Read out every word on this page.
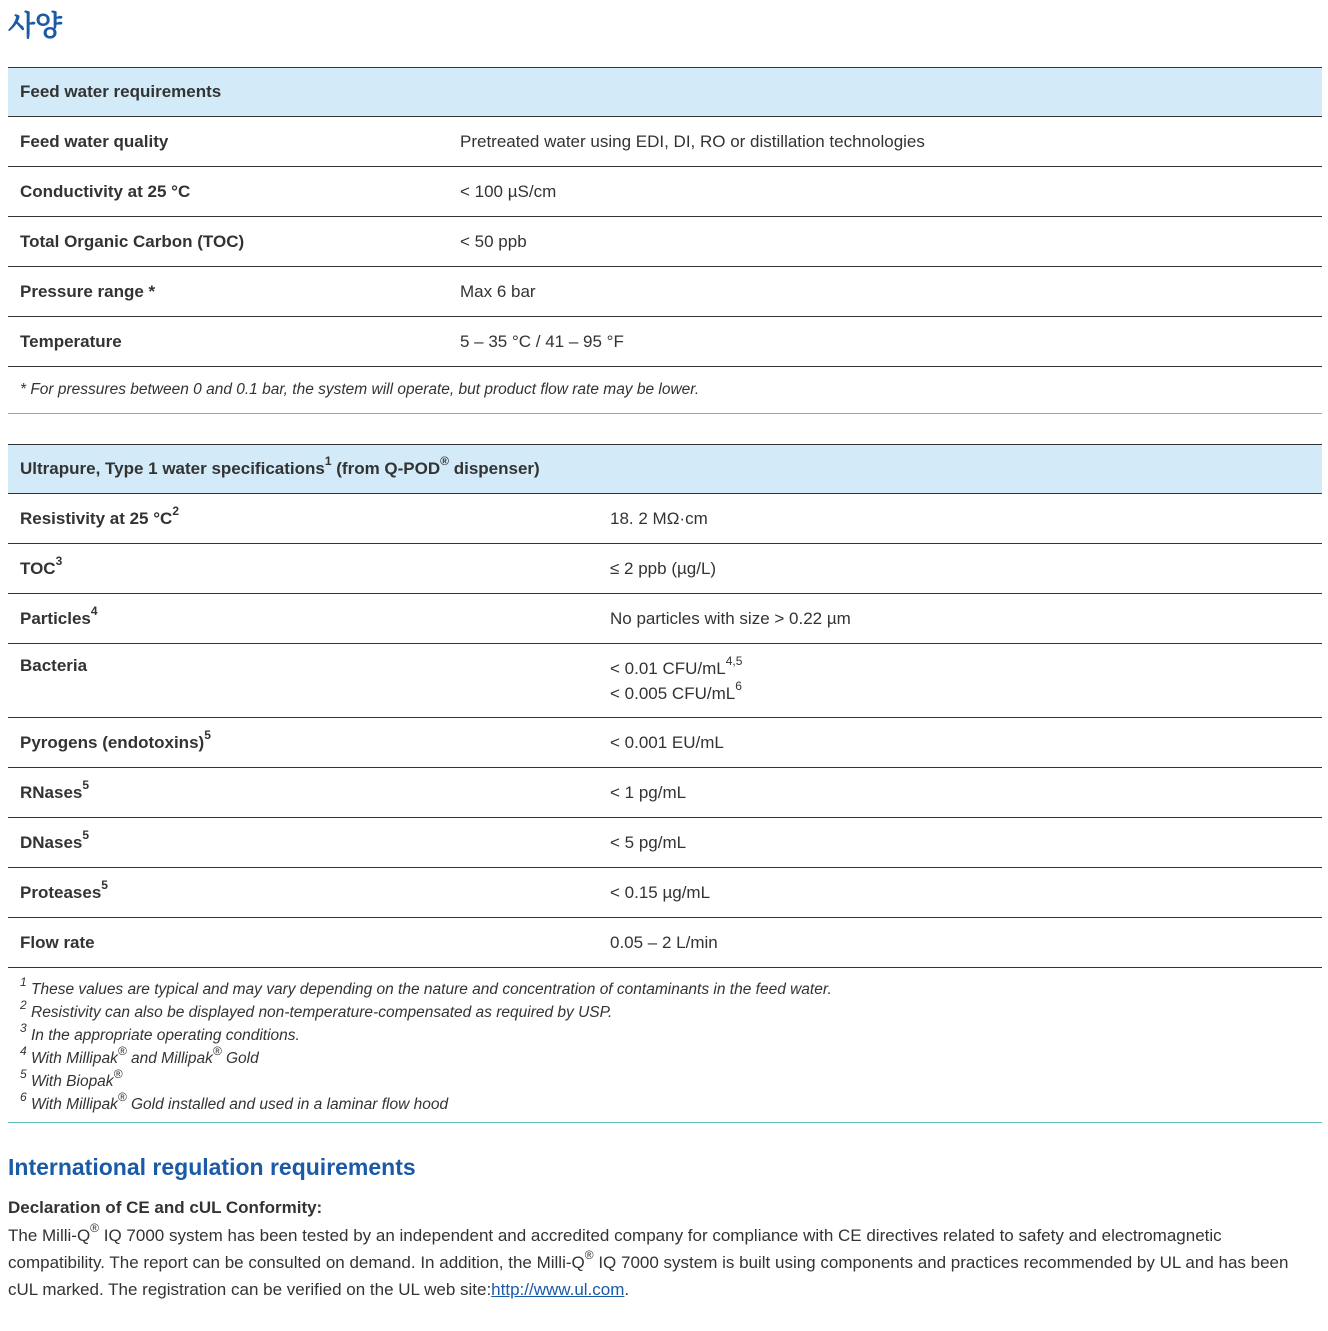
사양
Feed water requirements	
Feed water quality	Pretreated water using EDI, DI, RO or distillation technologies
Conductivity at 25 °C	< 100 µS/cm
Total Organic Carbon (TOC)	< 50 ppb
Pressure range *	Max 6 bar
Temperature	5 – 35 °C / 41 – 95 °F
* For pressures between 0 and 0.1 bar, the system will operate, but product flow rate may be lower.
Ultrapure, Type 1 water specifications$^1$ (from Q-POD® dispenser)	
Resistivity at 25 $^\circ C^2$	18. 2 MΩ·cm

$TOC^3$	≤ 2 ppb (µg/L)

Particles$^4$	No particles with size > 0.22 µm

Bacteria	< 0.01 CFU/mL$^{4,5}$
< 0.005 CFU/$mL^6$

Pyrogens (endotoxins)$^5$	< 0.001 EU/mL

RNases$^5$	< 1 pg/mL

DNases$^5$	< 5 pg/mL

Proteases$^5$	< 0.15 µg/mL

Flow rate	0.05 – 2 L/min
$^1$ These values are typical and may vary depending on the nature and concentration of contaminants in the feed water.
$^2$ Resistivity can also be displayed non-temperature-compensated as required by USP.
$^3$ In the appropriate operating conditions.
$^4$ With Millipak® and Millipak® Gold
$^5$ With Biopak®
$^6$ With Millipak® Gold installed and used in a laminar flow hood
International regulation requirements
Declaration of CE and cUL Conformity:
The Milli-Q® IQ 7000 system has been tested by an independent and accredited company for compliance with CE directives related to safety and electromagnetic compatibility. The report can be consulted on demand. In addition, the Milli-Q® IQ 7000 system is built using components and practices recommended by UL and has been cUL marked. The registration can be verified on the UL web site:http://www.ul.com.
